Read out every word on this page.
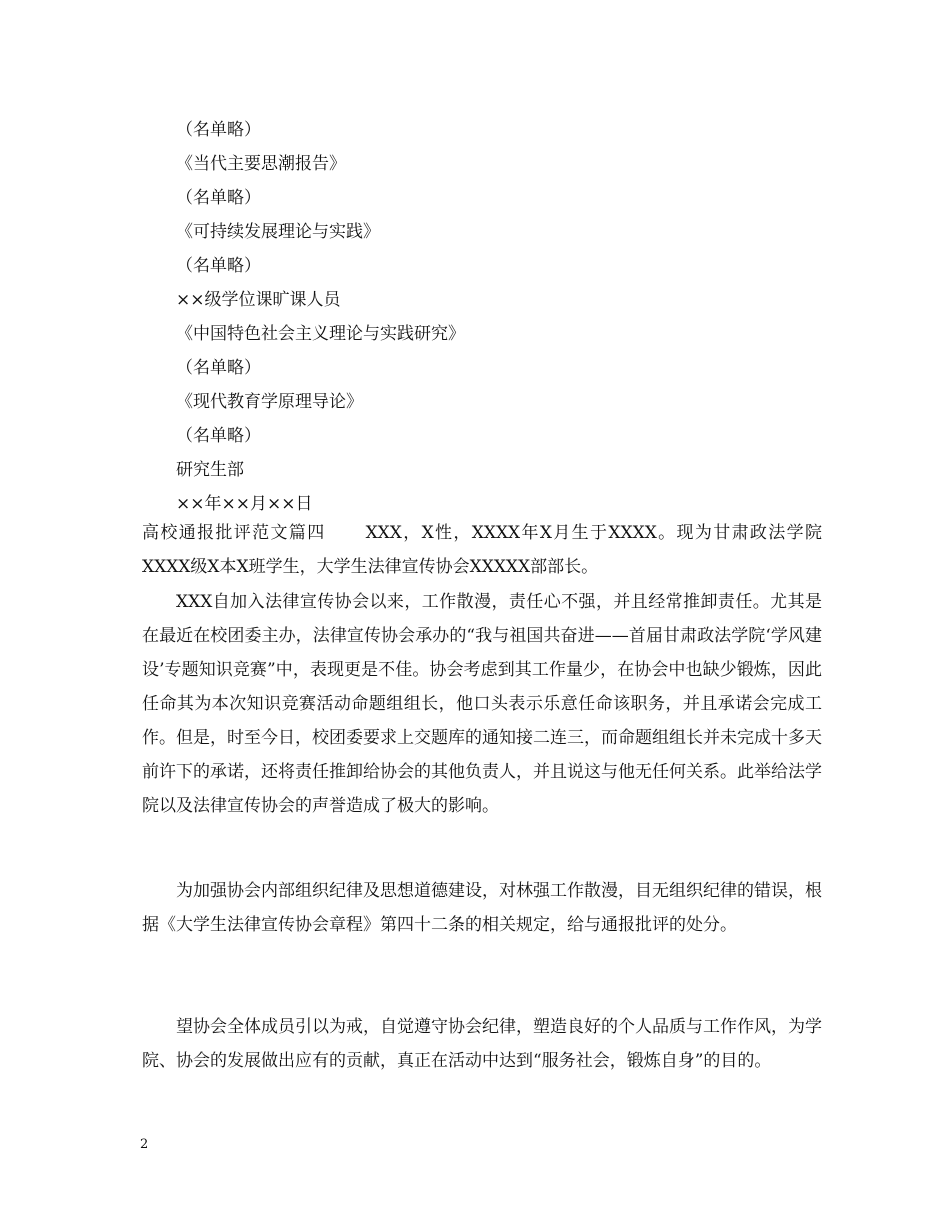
（名单略）
《当代主要思潮报告》
（名单略）
《可持续发展理论与实践》
（名单略）
××级学位课旷课人员
《中国特色社会主义理论与实践研究》
（名单略）
《现代教育学原理导论》
（名单略）
研究生部
××年××月××日
高校通报批评范文篇四 XXX，X性，XXXX年X月生于XXXX。现为甘肃政法学院XXXX级X本X班学生，大学生法律宣传协会XXXXX部部长。
XXX自加入法律宣传协会以来，工作散漫，责任心不强，并且经常推卸责任。尤其是在最近在校团委主办，法律宣传协会承办的“我与祖国共奋进——首届甘肃政法学院‘学风建设’专题知识竞赛”中，表现更是不佳。协会考虑到其工作量少，在协会中也缺少锻炼，因此任命其为本次知识竞赛活动命题组组长，他口头表示乐意任命该职务，并且承诺会完成工作。但是，时至今日，校团委要求上交题库的通知接二连三，而命题组组长并未完成十多天前许下的承诺，还将责任推卸给协会的其他负责人，并且说这与他无任何关系。此举给法学院以及法律宣传协会的声誉造成了极大的影响。
为加强协会内部组织纪律及思想道德建设，对林强工作散漫，目无组织纪律的错误，根据《大学生法律宣传协会章程》第四十二条的相关规定，给与通报批评的处分。
望协会全体成员引以为戒，自觉遵守协会纪律，塑造良好的个人品质与工作作风，为学院、协会的发展做出应有的贡献，真正在活动中达到“服务社会，锻炼自身”的目的。
2
